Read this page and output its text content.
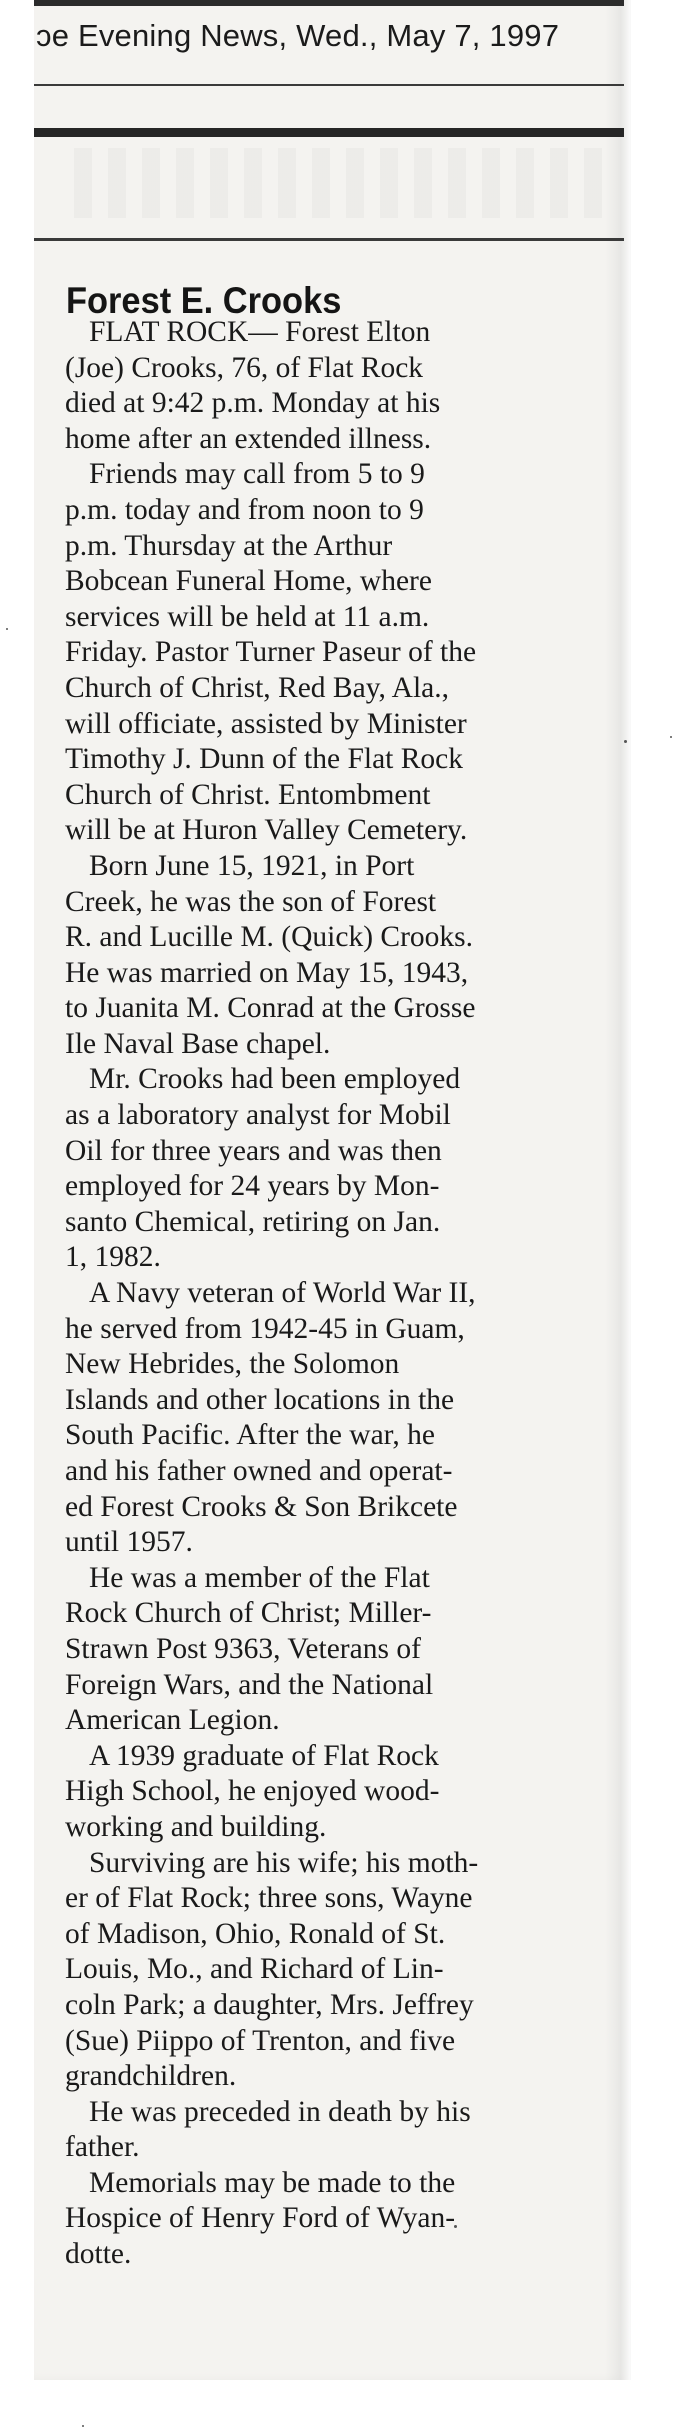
ɔe Evening News, Wed., May 7, 1997
Forest E. Crooks

FLAT ROCK— Forest Elton
(Joe) Crooks, 76, of Flat Rock
died at 9:42 p.m. Monday at his
home after an extended illness.

Friends may call from 5 to 9
p.m. today and from noon to 9
p.m. Thursday at the Arthur
Bobcean Funeral Home, where
services will be held at 11 a.m.
Friday. Pastor Turner Paseur of the
Church of Christ, Red Bay, Ala.,
will officiate, assisted by Minister
Timothy J. Dunn of the Flat Rock
Church of Christ. Entombment
will be at Huron Valley Cemetery.

Born June 15, 1921, in Port
Creek, he was the son of Forest
R. and Lucille M. (Quick) Crooks.
He was married on May 15, 1943,
to Juanita M. Conrad at the Grosse
Ile Naval Base chapel.

Mr. Crooks had been employed
as a laboratory analyst for Mobil
Oil for three years and was then
employed for 24 years by Mon-
santo Chemical, retiring on Jan.
1, 1982.

A Navy veteran of World War II,
he served from 1942-45 in Guam,
New Hebrides, the Solomon
Islands and other locations in the
South Pacific. After the war, he
and his father owned and operat-
ed Forest Crooks & Son Brikcete
until 1957.

He was a member of the Flat
Rock Church of Christ; Miller-
Strawn Post 9363, Veterans of
Foreign Wars, and the National
American Legion.

A 1939 graduate of Flat Rock
High School, he enjoyed wood-
working and building.

Surviving are his wife; his moth-
er of Flat Rock; three sons, Wayne
of Madison, Ohio, Ronald of St.
Louis, Mo., and Richard of Lin-
coln Park; a daughter, Mrs. Jeffrey
(Sue) Piippo of Trenton, and five
grandchildren.

He was preceded in death by his
father.

Memorials may be made to the
Hospice of Henry Ford of Wyan-
dotte.
